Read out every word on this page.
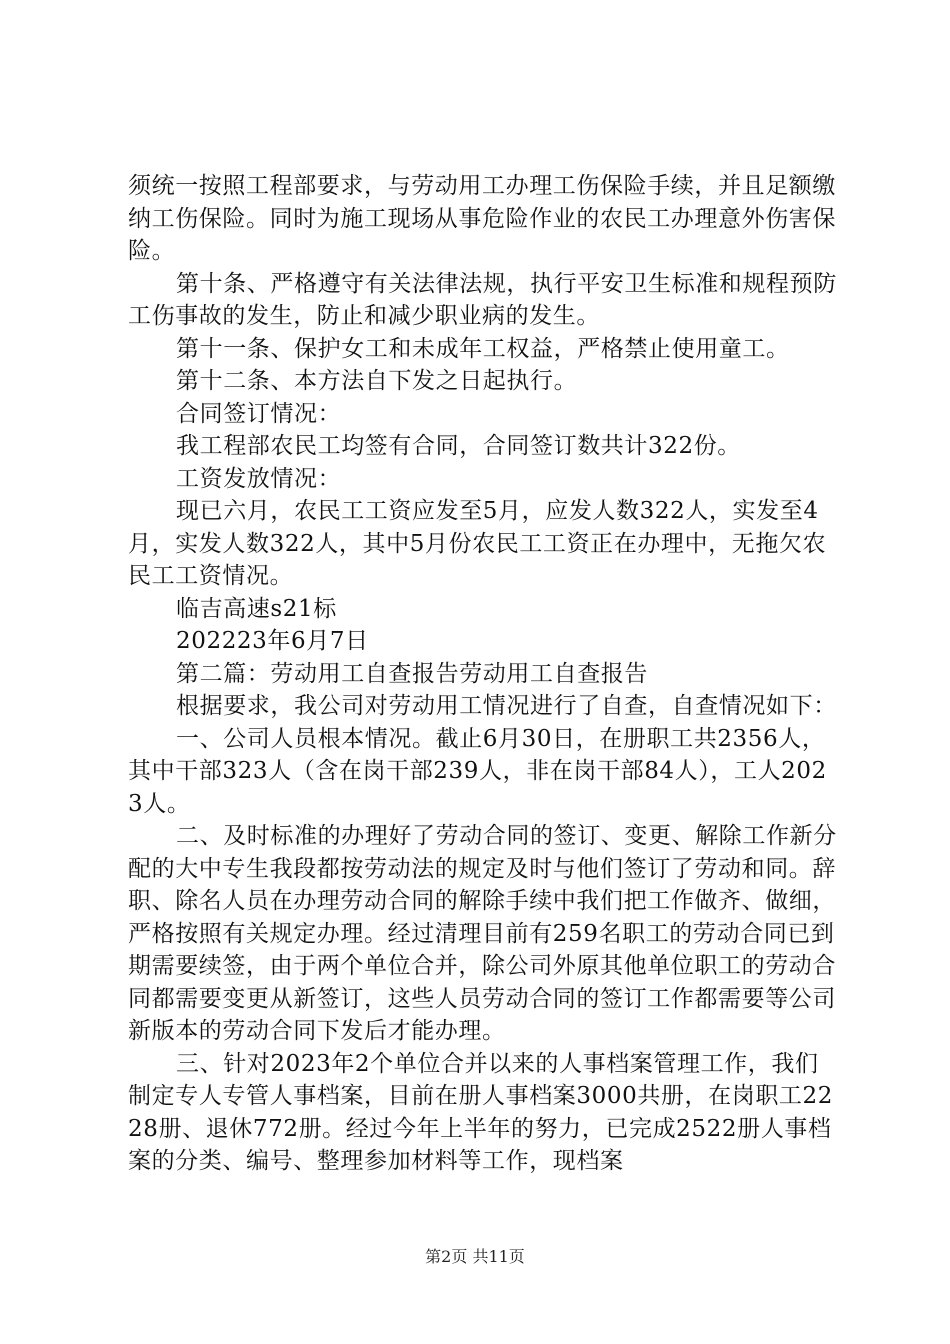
须统一按照工程部要求，与劳动用工办理工伤保险手续，并且足额缴纳工伤保险。同时为施工现场从事危险作业的农民工办理意外伤害保险。

第十条、严格遵守有关法律法规，执行平安卫生标准和规程预防工伤事故的发生，防止和减少职业病的发生。

第十一条、保护女工和未成年工权益，严格禁止使用童工。

第十二条、本方法自下发之日起执行。

合同签订情况：

我工程部农民工均签有合同，合同签订数共计322份。

工资发放情况：

现已六月，农民工工资应发至5月，应发人数322人，实发至4月，实发人数322人，其中5月份农民工工资正在办理中，无拖欠农民工工资情况。

临吉高速s21标

202223年6月7日

第二篇：劳动用工自查报告劳动用工自查报告

根据要求，我公司对劳动用工情况进行了自查，自查情况如下：

一、公司人员根本情况。截止6月30日，在册职工共2356人，其中干部323人（含在岗干部239人，非在岗干部84人），工人2023人。

二、及时标准的办理好了劳动合同的签订、变更、解除工作新分配的大中专生我段都按劳动法的规定及时与他们签订了劳动和同。辞职、除名人员在办理劳动合同的解除手续中我们把工作做齐、做细，严格按照有关规定办理。经过清理目前有259名职工的劳动合同已到期需要续签，由于两个单位合并，除公司外原其他单位职工的劳动合同都需要变更从新签订，这些人员劳动合同的签订工作都需要等公司新版本的劳动合同下发后才能办理。

三、针对2023年2个单位合并以来的人事档案管理工作，我们制定专人专管人事档案，目前在册人事档案3000共册，在岗职工2228册、退休772册。经过今年上半年的努力，已完成2522册人事档案的分类、编号、整理参加材料等工作，现档案

第2页 共11页
